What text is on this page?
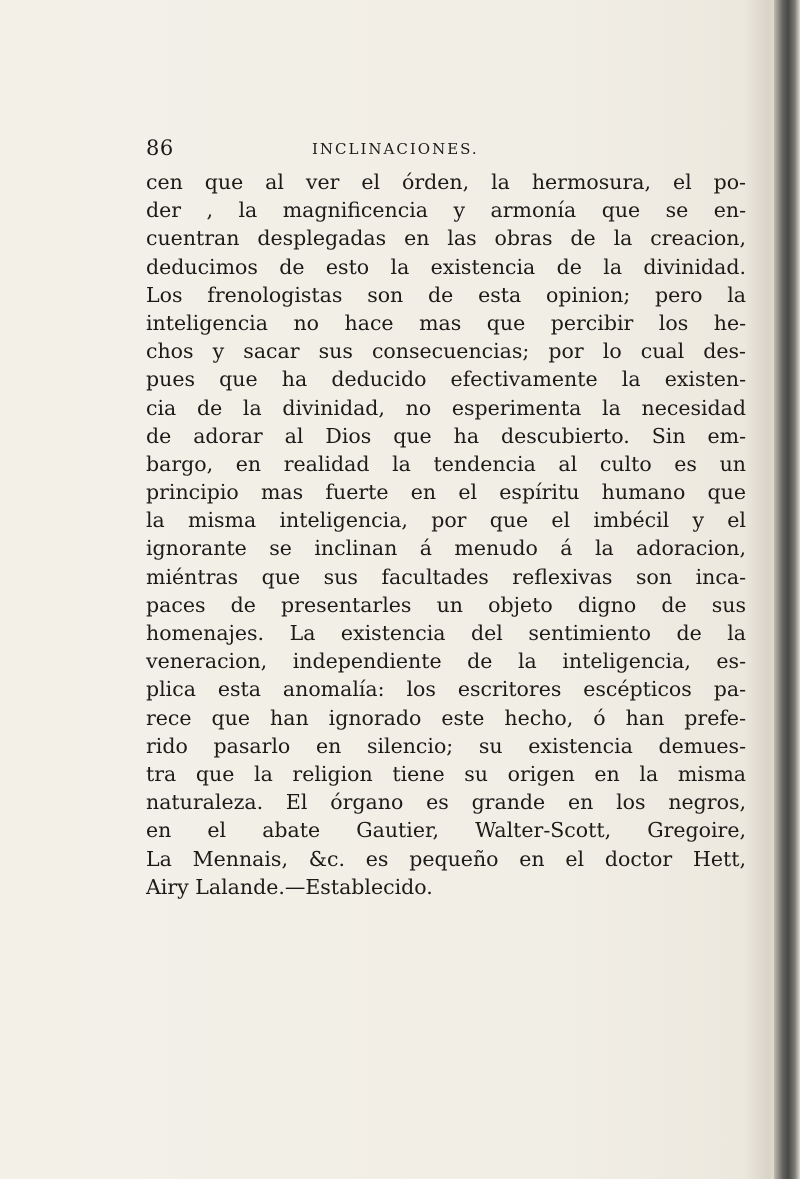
86	INCLINACIONES.
cen que al ver el órden, la hermosura, el po-
der , la magnificencia y armonía que se en-
cuentran desplegadas en las obras de la creacion,
deducimos de esto la existencia de la divinidad.
Los frenologistas son de esta opinion; pero la
inteligencia no hace mas que percibir los he-
chos y sacar sus consecuencias; por lo cual des-
pues que ha deducido efectivamente la existen-
cia de la divinidad, no esperimenta la necesidad
de adorar al Dios que ha descubierto. Sin em-
bargo, en realidad la tendencia al culto es un
principio mas fuerte en el espíritu humano que
la misma inteligencia, por que el imbécil y el
ignorante se inclinan á menudo á la adoracion,
miéntras que sus facultades reflexivas son inca-
paces de presentarles un objeto digno de sus
homenajes. La existencia del sentimiento de la
veneracion, independiente de la inteligencia, es-
plica esta anomalía: los escritores escépticos pa-
rece que han ignorado este hecho, ó han prefe-
rido pasarlo en silencio; su existencia demues-
tra que la religion tiene su origen en la misma
naturaleza. El órgano es grande en los negros,
en el abate Gautier, Walter-Scott, Gregoire,
La Mennais, &c. es pequeño en el doctor Hett,
Airy Lalande.—Establecido.
